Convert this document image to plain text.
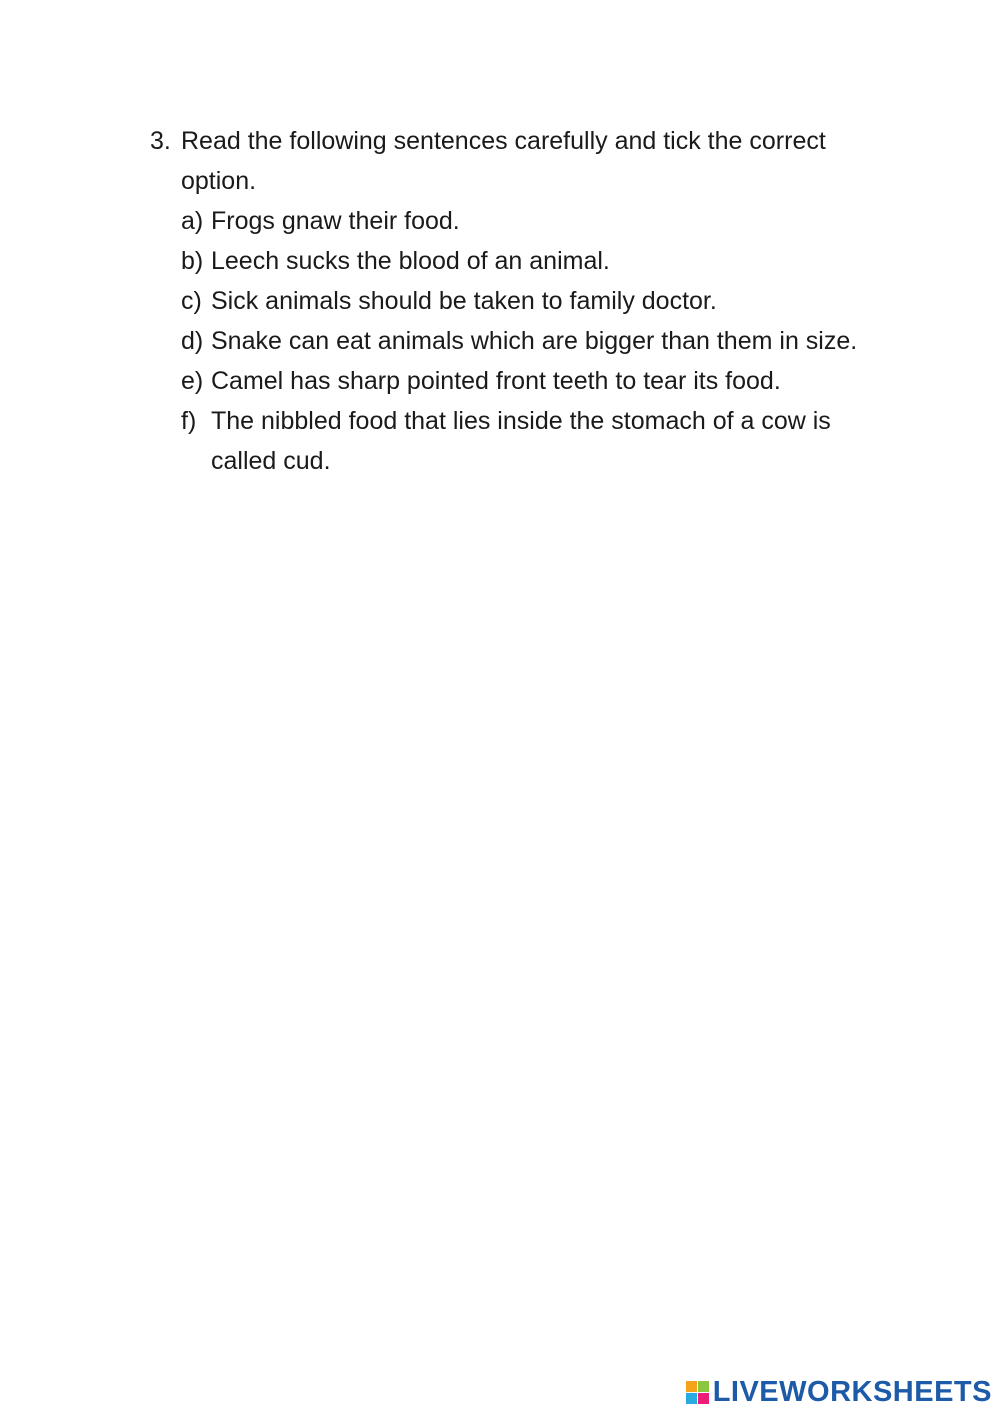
3. Read the following sentences carefully and tick the correct option.
a) Frogs gnaw their food.
b) Leech sucks the blood of an animal.
c) Sick animals should be taken to family doctor.
d) Snake can eat animals which are bigger than them in size.
e) Camel has sharp pointed front teeth to tear its food.
f) The nibbled food that lies inside the stomach of a cow is called cud.
LIVEWORKSHEETS
